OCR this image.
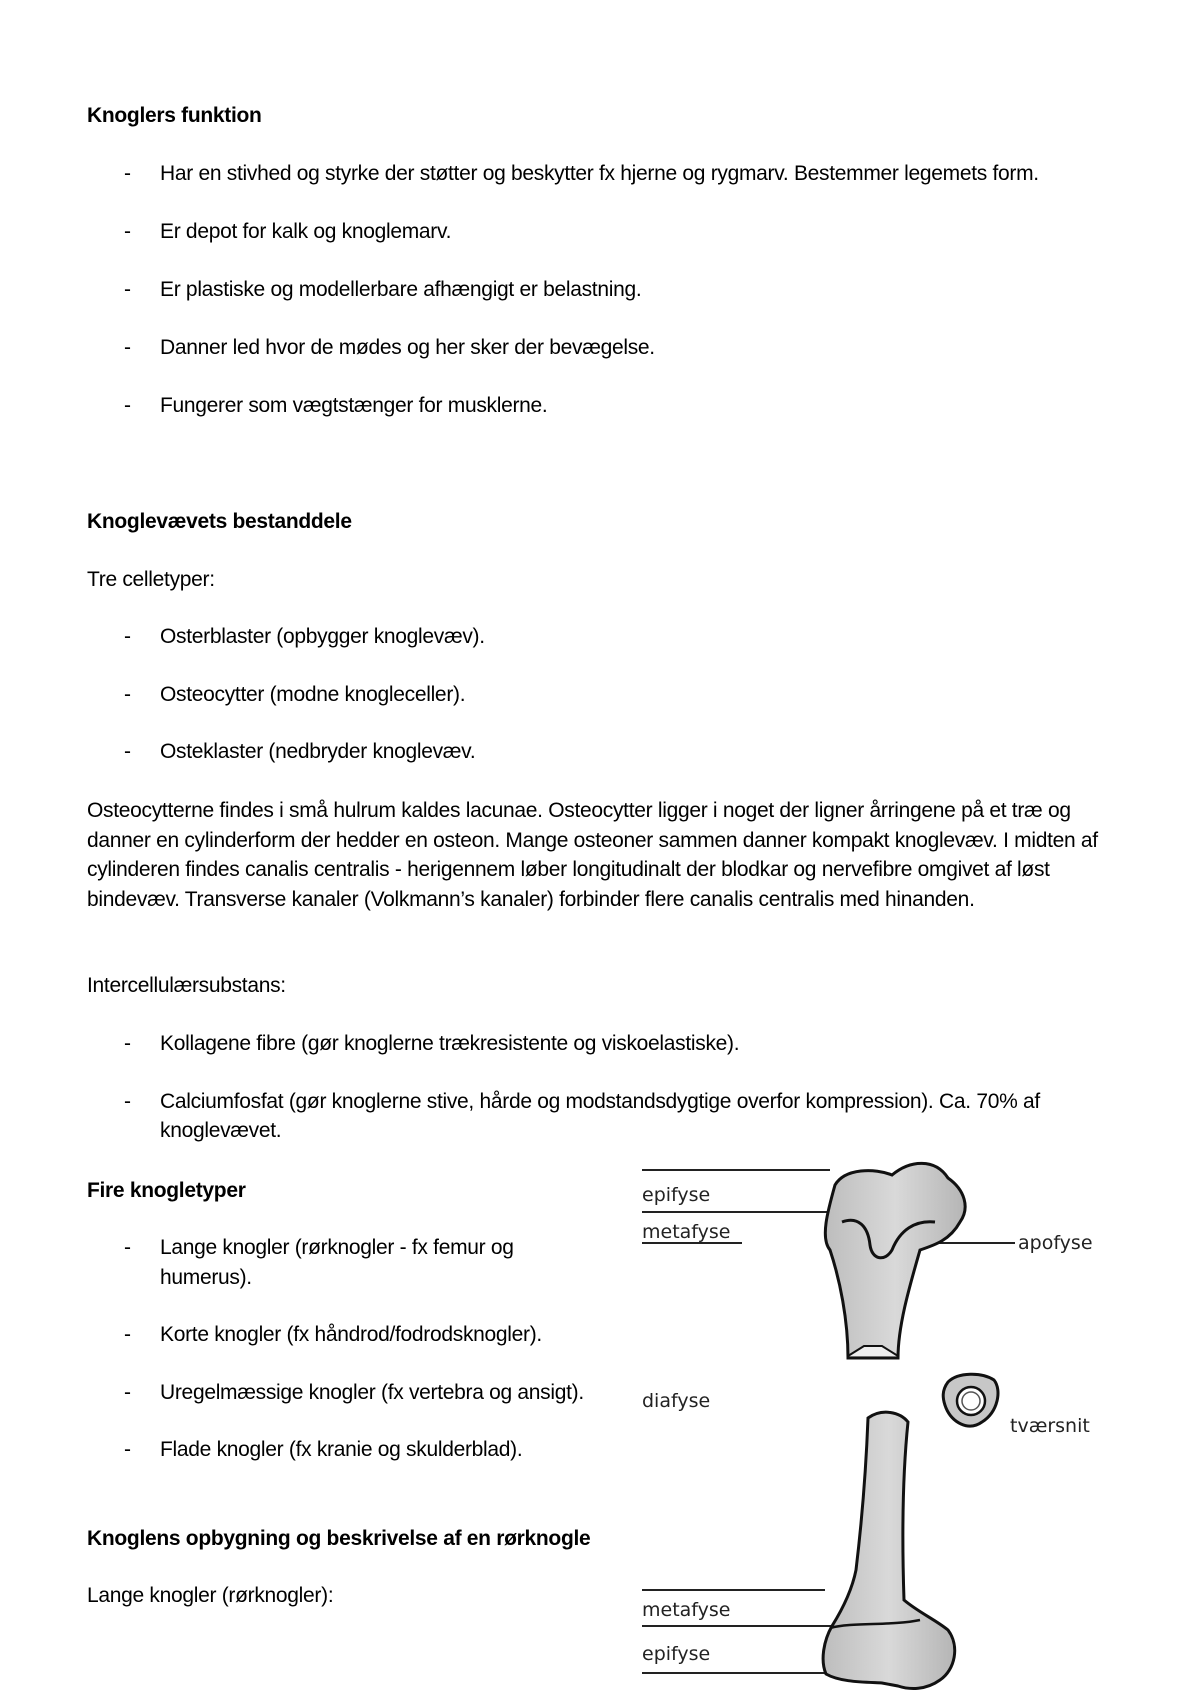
Knoglers funktion
- Har en stivhed og styrke der støtter og beskytter fx hjerne og rygmarv. Bestemmer legemets form.
- Er depot for kalk og knoglemarv.
- Er plastiske og modellerbare afhængigt er belastning.
- Danner led hvor de mødes og her sker der bevægelse.
- Fungerer som vægtstænger for musklerne.
Knoglevævets bestanddele
Tre celletyper:
- Osterblaster (opbygger knoglevæv).
- Osteocytter (modne knogleceller).
- Osteklaster (nedbryder knoglevæv.
Osteocytterne findes i små hulrum kaldes lacunae. Osteocytter ligger i noget der ligner årringene på et træ og danner en cylinderform der hedder en osteon. Mange osteoner sammen danner kompakt knoglevæv. I midten af cylinderen findes canalis centralis - herigennem løber longitudinalt der blodkar og nervefibre omgivet af løst bindevæv. Transverse kanaler (Volkmann’s kanaler) forbinder flere canalis centralis med hinanden.
Intercellulærsubstans:
- Kollagene fibre (gør knoglerne trækresistente og viskoelastiske).
- Calciumfosfat (gør knoglerne stive, hårde og modstandsdygtige overfor kompression). Ca. 70% af knoglevævet.
Fire knogletyper
- Lange knogler (rørknogler - fx femur og humerus).
- Korte knogler (fx håndrod/fodrodsknogler).
- Uregelmæssige knogler (fx vertebra og ansigt).
- Flade knogler (fx kranie og skulderblad).
Knoglens opbygning og beskrivelse af en rørknogle
Lange knogler (rørknogler):
epifyse
metafyse	apofyse
diafyse
tværsnit
metafyse
epifyse
